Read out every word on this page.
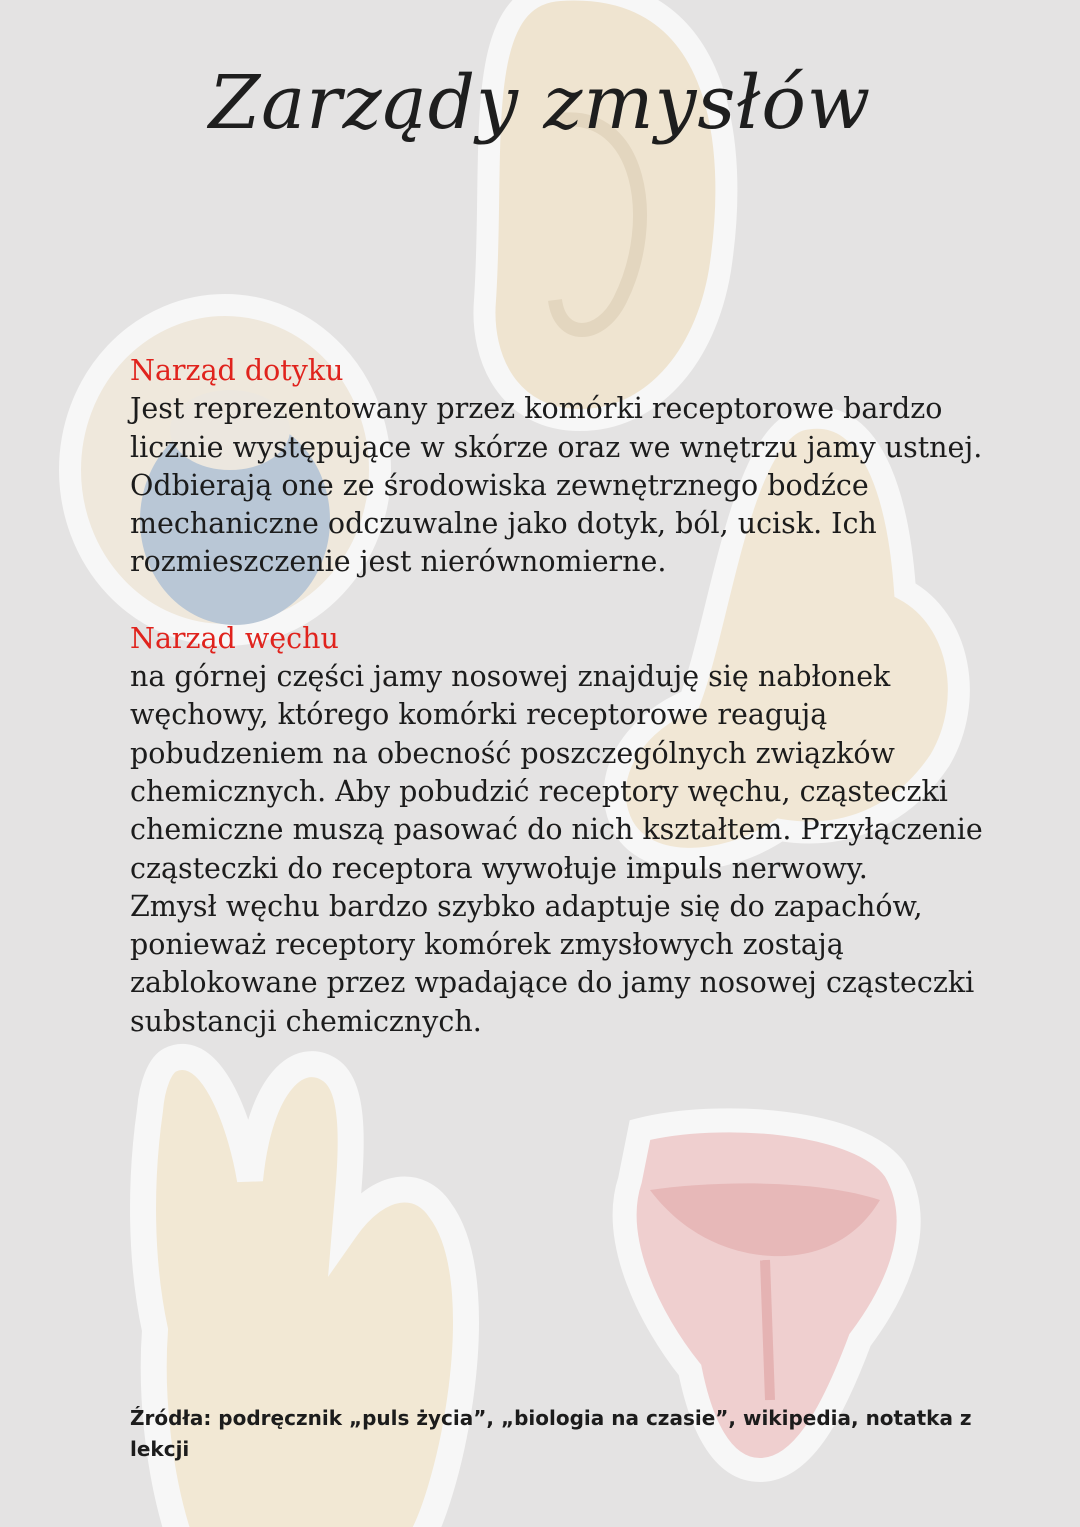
Zarządy zmysłów
Narząd dotyku
Jest reprezentowany przez komórki receptorowe bardzo
licznie występujące w skórze oraz we wnętrzu jamy ustnej.
Odbierają one ze środowiska zewnętrznego bodźce
mechaniczne odczuwalne jako dotyk, ból, ucisk. Ich
rozmieszczenie jest nierównomierne.
Narząd węchu
na górnej części jamy nosowej znajduję się nabłonek
węchowy, którego komórki receptorowe reagują
pobudzeniem na obecność poszczególnych związków
chemicznych. Aby pobudzić receptory węchu, cząsteczki
chemiczne muszą pasować do nich kształtem. Przyłączenie
cząsteczki do receptora wywołuje impuls nerwowy.
Zmysł węchu bardzo szybko adaptuje się do zapachów,
ponieważ receptory komórek zmysłowych zostają
zablokowane przez wpadające do jamy nosowej cząsteczki
substancji chemicznych.
Źródła: podręcznik „puls życia”, „biologia na czasie”, wikipedia, notatka z
lekcji
